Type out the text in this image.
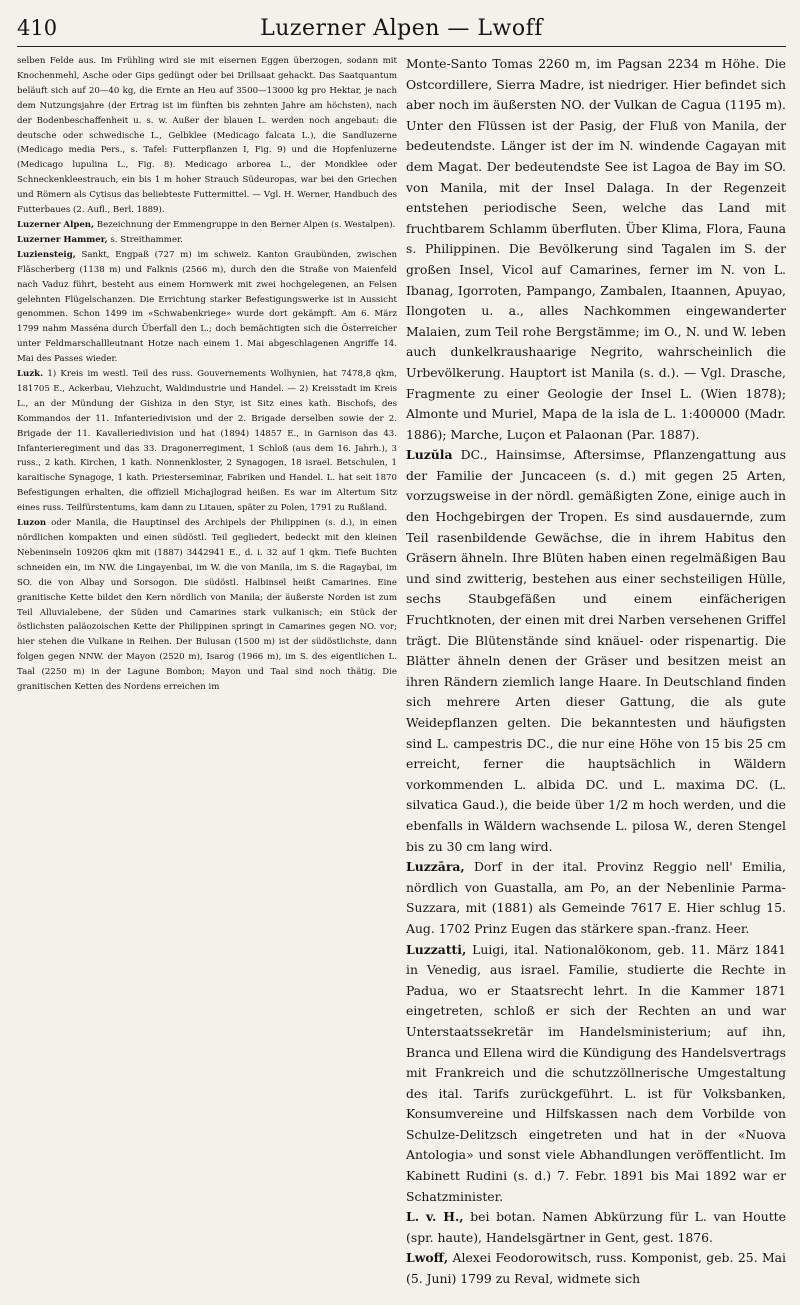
410	Luzerner Alpen — Lwoff

selben Felde aus. Im Frühling wird sie mit eisernen Eggen überzogen, sodann mit Knochenmehl, Asche oder Gips gedüngt oder bei Drillsaat gehackt. Das Saatquantum beläuft sich auf 20—40 kg, die Ernte an Heu auf 3500—13000 kg pro Hektar, je nach dem Nutzungsjahre (der Ertrag ist im fünften bis zehnten Jahre am höchsten), nach der Bodenbeschaffenheit u. s. w. Außer der blauen L. werden noch angebaut: die deutsche oder schwedische L., Gelbklee (Medicago falcata L.), die Sandluzerne (Medicago media Pers., s. Tafel: Futterpflanzen I, Fig. 9) und die Hopfenluzerne (Medicago lupulina L., Fig. 8). Medicago arborea L., der Mondklee oder Schneckenkleestrauch, ein bis 1 m hoher Strauch Südeuropas, war bei den Griechen und Römern als Cytisus das beliebteste Futtermittel. — Vgl. H. Werner, Handbuch des Futterbaues (2. Aufl., Berl. 1889).

Luzerner Alpen, Bezeichnung der Emmengruppe in den Berner Alpen (s. Westalpen).

Luzerner Hammer, s. Streithammer.

Luziensteig, Sankt, Engpaß (727 m) im schweiz. Kanton Graubünden, zwischen Fläscherberg (1138 m) und Falknis (2566 m), durch den die Straße von Maienfeld nach Vaduz führt, besteht aus einem Hornwerk mit zwei hochgelegenen, an Felsen gelehnten Flügelschanzen. Die Errichtung starker Befestigungswerke ist in Aussicht genommen. Schon 1499 im «Schwabenkriege» wurde dort gekämpft. Am 6. März 1799 nahm Masséna durch Überfall den L.; doch bemächtigten sich die Österreicher unter Feldmarschallleutnant Hotze nach einem 1. Mai abgeschlagenen Angriffe 14. Mai des Passes wieder.

Luzk. 1) Kreis im westl. Teil des russ. Gouvernements Wolhynien, hat 7478,8 qkm, 181705 E., Ackerbau, Viehzucht, Waldindustrie und Handel. — 2) Kreisstadt im Kreis L., an der Mündung der Gishiza in den Styr, ist Sitz eines kath. Bischofs, des Kommandos der 11. Infanteriedivision und der 2. Brigade derselben sowie der 2. Brigade der 11. Kavalleriedivision und hat (1894) 14857 E., in Garnison das 43. Infanterieregiment und das 33. Dragonerregiment, 1 Schloß (aus dem 16. Jahrh.), 3 russ., 2 kath. Kirchen, 1 kath. Nonnenkloster, 2 Synagogen, 18 israel. Betschulen, 1 karaitische Synagoge, 1 kath. Priesterseminar, Fabriken und Handel. L. hat seit 1870 Befestigungen erhalten, die offiziell Michajlograd heißen. Es war im Altertum Sitz eines russ. Teilfürstentums, kam dann zu Litauen, später zu Polen, 1791 zu Rußland.

Luzon oder Manila, die Hauptinsel des Archipels der Philippinen (s. d.), in einen nördlichen kompakten und einen südöstl. Teil gegliedert, bedeckt mit den kleinen Nebeninseln 109206 qkm mit (1887) 3442941 E., d. i. 32 auf 1 qkm. Tiefe Buchten schneiden ein, im NW. die Lingayenbai, im W. die von Manila, im S. die Ragaybai, im SO. die von Albay und Sorsogon. Die südöstl. Halbinsel heißt Camarines. Eine granitische Kette bildet den Kern nördlich von Manila; der äußerste Norden ist zum Teil Alluvialebene, der Süden und Camarines stark vulkanisch; ein Stück der östlichsten paläozoischen Kette der Philippinen springt in Camarines gegen NO. vor; hier stehen die Vulkane in Reihen. Der Bulusan (1500 m) ist der südöstlichste, dann folgen gegen NNW. der Mayon (2520 m), Isarog (1966 m), im S. des eigentlichen L. Taal (2250 m) in der Lagune Bombon; Mayon und Taal sind noch thätig. Die granitischen Ketten des Nordens erreichen im

Monte-Santo Tomas 2260 m, im Pagsan 2234 m Höhe. Die Ostcordillere, Sierra Madre, ist niedriger. Hier befindet sich aber noch im äußersten NO. der Vulkan de Cagua (1195 m). Unter den Flüssen ist der Pasig, der Fluß von Manila, der bedeutendste. Länger ist der im N. windende Cagayan mit dem Magat. Der bedeutendste See ist Lagoa de Bay im SO. von Manila, mit der Insel Dalaga. In der Regenzeit entstehen periodische Seen, welche das Land mit fruchtbarem Schlamm überfluten. Über Klima, Flora, Fauna s. Philippinen. Die Bevölkerung sind Tagalen im S. der großen Insel, Vicol auf Camarines, ferner im N. von L. Ibanag, Igorroten, Pampango, Zambalen, Itaannen, Apuyao, Ilongoten u. a., alles Nachkommen eingewanderter Malaien, zum Teil rohe Bergstämme; im O., N. und W. leben auch dunkelkraushaarige Negrito, wahrscheinlich die Urbevölkerung. Hauptort ist Manila (s. d.). — Vgl. Drasche, Fragmente zu einer Geologie der Insel L. (Wien 1878); Almonte und Muriel, Mapa de la isla de L. 1:400000 (Madr. 1886); Marche, Luçon et Palaonan (Par. 1887).

Luzŭla DC., Hainsimse, Aftersimse, Pflanzengattung aus der Familie der Juncaceen (s. d.) mit gegen 25 Arten, vorzugsweise in der nördl. gemäßigten Zone, einige auch in den Hochgebirgen der Tropen. Es sind ausdauernde, zum Teil rasenbildende Gewächse, die in ihrem Habitus den Gräsern ähneln. Ihre Blüten haben einen regelmäßigen Bau und sind zwitterig, bestehen aus einer sechsteiligen Hülle, sechs Staubgefäßen und einem einfächerigen Fruchtknoten, der einen mit drei Narben versehenen Griffel trägt. Die Blütenstände sind knäuel- oder rispenartig. Die Blätter ähneln denen der Gräser und besitzen meist an ihren Rändern ziemlich lange Haare. In Deutschland finden sich mehrere Arten dieser Gattung, die als gute Weidepflanzen gelten. Die bekanntesten und häufigsten sind L. campestris DC., die nur eine Höhe von 15 bis 25 cm erreicht, ferner die hauptsächlich in Wäldern vorkommenden L. albida DC. und L. maxima DC. (L. silvatica Gaud.), die beide über 1/2 m hoch werden, und die ebenfalls in Wäldern wachsende L. pilosa W., deren Stengel bis zu 30 cm lang wird.

Luzzāra, Dorf in der ital. Provinz Reggio nell' Emilia, nördlich von Guastalla, am Po, an der Nebenlinie Parma-Suzzara, mit (1881) als Gemeinde 7617 E. Hier schlug 15. Aug. 1702 Prinz Eugen das stärkere span.-franz. Heer.

Luzzatti, Luigi, ital. Nationalökonom, geb. 11. März 1841 in Venedig, aus israel. Familie, studierte die Rechte in Padua, wo er Staatsrecht lehrt. In die Kammer 1871 eingetreten, schloß er sich der Rechten an und war Unterstaatssekretär im Handelsministerium; auf ihn, Branca und Ellena wird die Kündigung des Handelsvertrags mit Frankreich und die schutzzöllnerische Umgestaltung des ital. Tarifs zurückgeführt. L. ist für Volksbanken, Konsumvereine und Hilfskassen nach dem Vorbilde von Schulze-Delitzsch eingetreten und hat in der «Nuova Antologia» und sonst viele Abhandlungen veröffentlicht. Im Kabinett Rudini (s. d.) 7. Febr. 1891 bis Mai 1892 war er Schatzminister.

L. v. H., bei botan. Namen Abkürzung für L. van Houtte (spr. haute), Handelsgärtner in Gent, gest. 1876.

Lwoff, Alexei Feodorowitsch, russ. Komponist, geb. 25. Mai (5. Juni) 1799 zu Reval, widmete sich
